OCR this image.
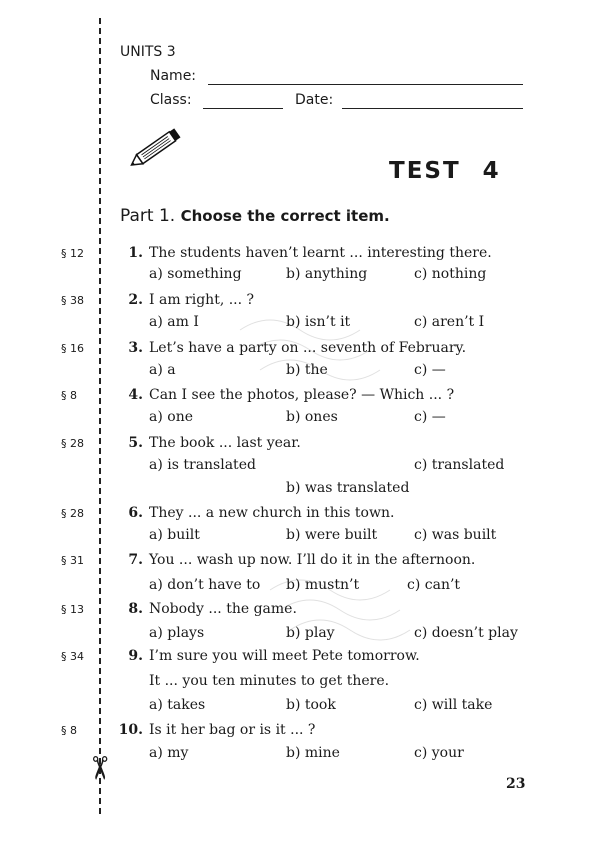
✂
UNITS 3
Name:
Class:	Date:
TEST 4
Part 1. Choose the correct item.
§ 12	1. The students haven’t learnt ... interesting there.
a) something	b) anything	c) nothing
§ 38	2. I am right, ... ?
a) am I	b) isn’t it	c) aren’t I
§ 16	3. Let’s have a party on ... seventh of February.
a) a	b) the	c) —
§ 8	4. Can I see the photos, please? — Which ... ?
a) one	b) ones	c) —
§ 28	5. The book ... last year.
a) is translated	c) translated
b) was translated
§ 28	6. They ... a new church in this town.
a) built	b) were built	c) was built
§ 31	7. You ... wash up now. I’ll do it in the afternoon.
a) don’t have to b) mustn’t	c) can’t
§ 13	8. Nobody ... the game.
a) plays	b) play	c) doesn’t play
§ 34	9. I’m sure you will meet Pete tomorrow.
It ... you ten minutes to get there.
a) takes	b) took	c) will take
§ 8	10. Is it her bag or is it ... ?
a) my	b) mine	c) your
23
